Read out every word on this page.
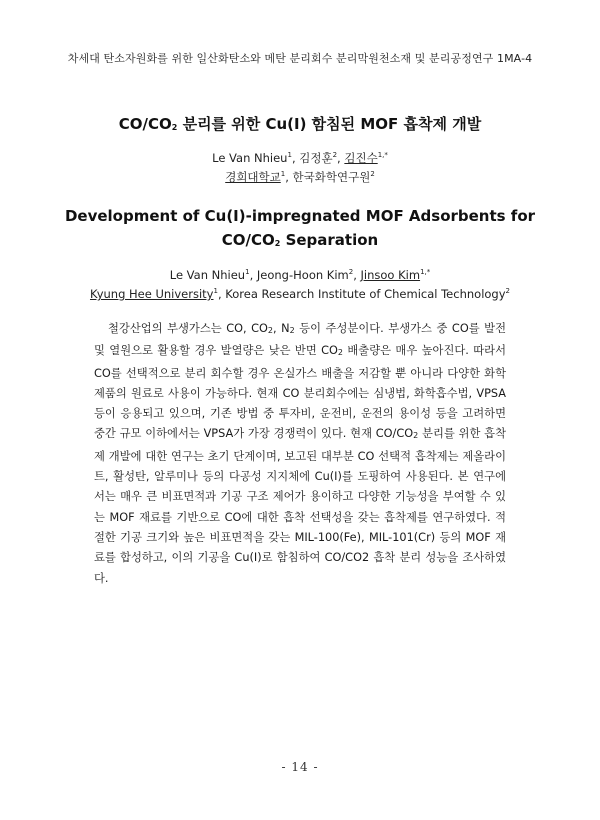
차세대 탄소자원화를 위한 일산화탄소와 메탄 분리회수 분리막원천소재 및 분리공정연구 1MA-4
$CO/CO_2$ 분리를 위한 Cu(I) 함침된 MOF 흡착제 개발
Le Van Nhieu$^1$, 김정훈$^2$, 김진수$^{1,*}$
경희대학교$^1$, 한국화학연구원$^2$
Development of Cu(I)-impregnated MOF Adsorbents for
$CO/CO_2$ Separation
Le Van Nhieu$^1$, Jeong-Hoon Kim$^2$, Jinsoo Kim$^{1,*}$
Kyung Hee University$^1$, Korea Research Institute of Chemical Technology$^2$
철강산업의 부생가스는 CO, $CO_2$, $N_2$ 등이 주성분이다. 부생가스 중 CO를 발전 및 열원으로 활용할 경우 발열량은 낮은 반면 $CO_2$ 배출량은 매우 높아진다. 따라서 CO를 선택적으로 분리 회수할 경우 온실가스 배출을 저감할 뿐 아니라 다양한 화학제품의 원료로 사용이 가능하다. 현재 CO 분리회수에는 심냉법, 화학흡수법, VPSA 등이 응용되고 있으며, 기존 방법 중 투자비, 운전비, 운전의 용이성 등을 고려하면 중간 규모 이하에서는 VPSA가 가장 경쟁력이 있다. 현재 $CO/CO_2$ 분리를 위한 흡착제 개발에 대한 연구는 초기 단계이며, 보고된 대부분 CO 선택적 흡착제는 제올라이트, 활성탄, 알루미나 등의 다공성 지지체에 Cu(I)를 도핑하여 사용된다. 본 연구에서는 매우 큰 비표면적과 기공 구조 제어가 용이하고 다양한 기능성을 부여할 수 있는 MOF 재료를 기반으로 CO에 대한 흡착 선택성을 갖는 흡착제를 연구하였다. 적절한 기공 크기와 높은 비표면적을 갖는 MIL-100(Fe), MIL-101(Cr) 등의 MOF 재료를 합성하고, 이의 기공을 Cu(I)로 함침하여 CO/CO2 흡착 분리 성능을 조사하였다.
- 14 -
